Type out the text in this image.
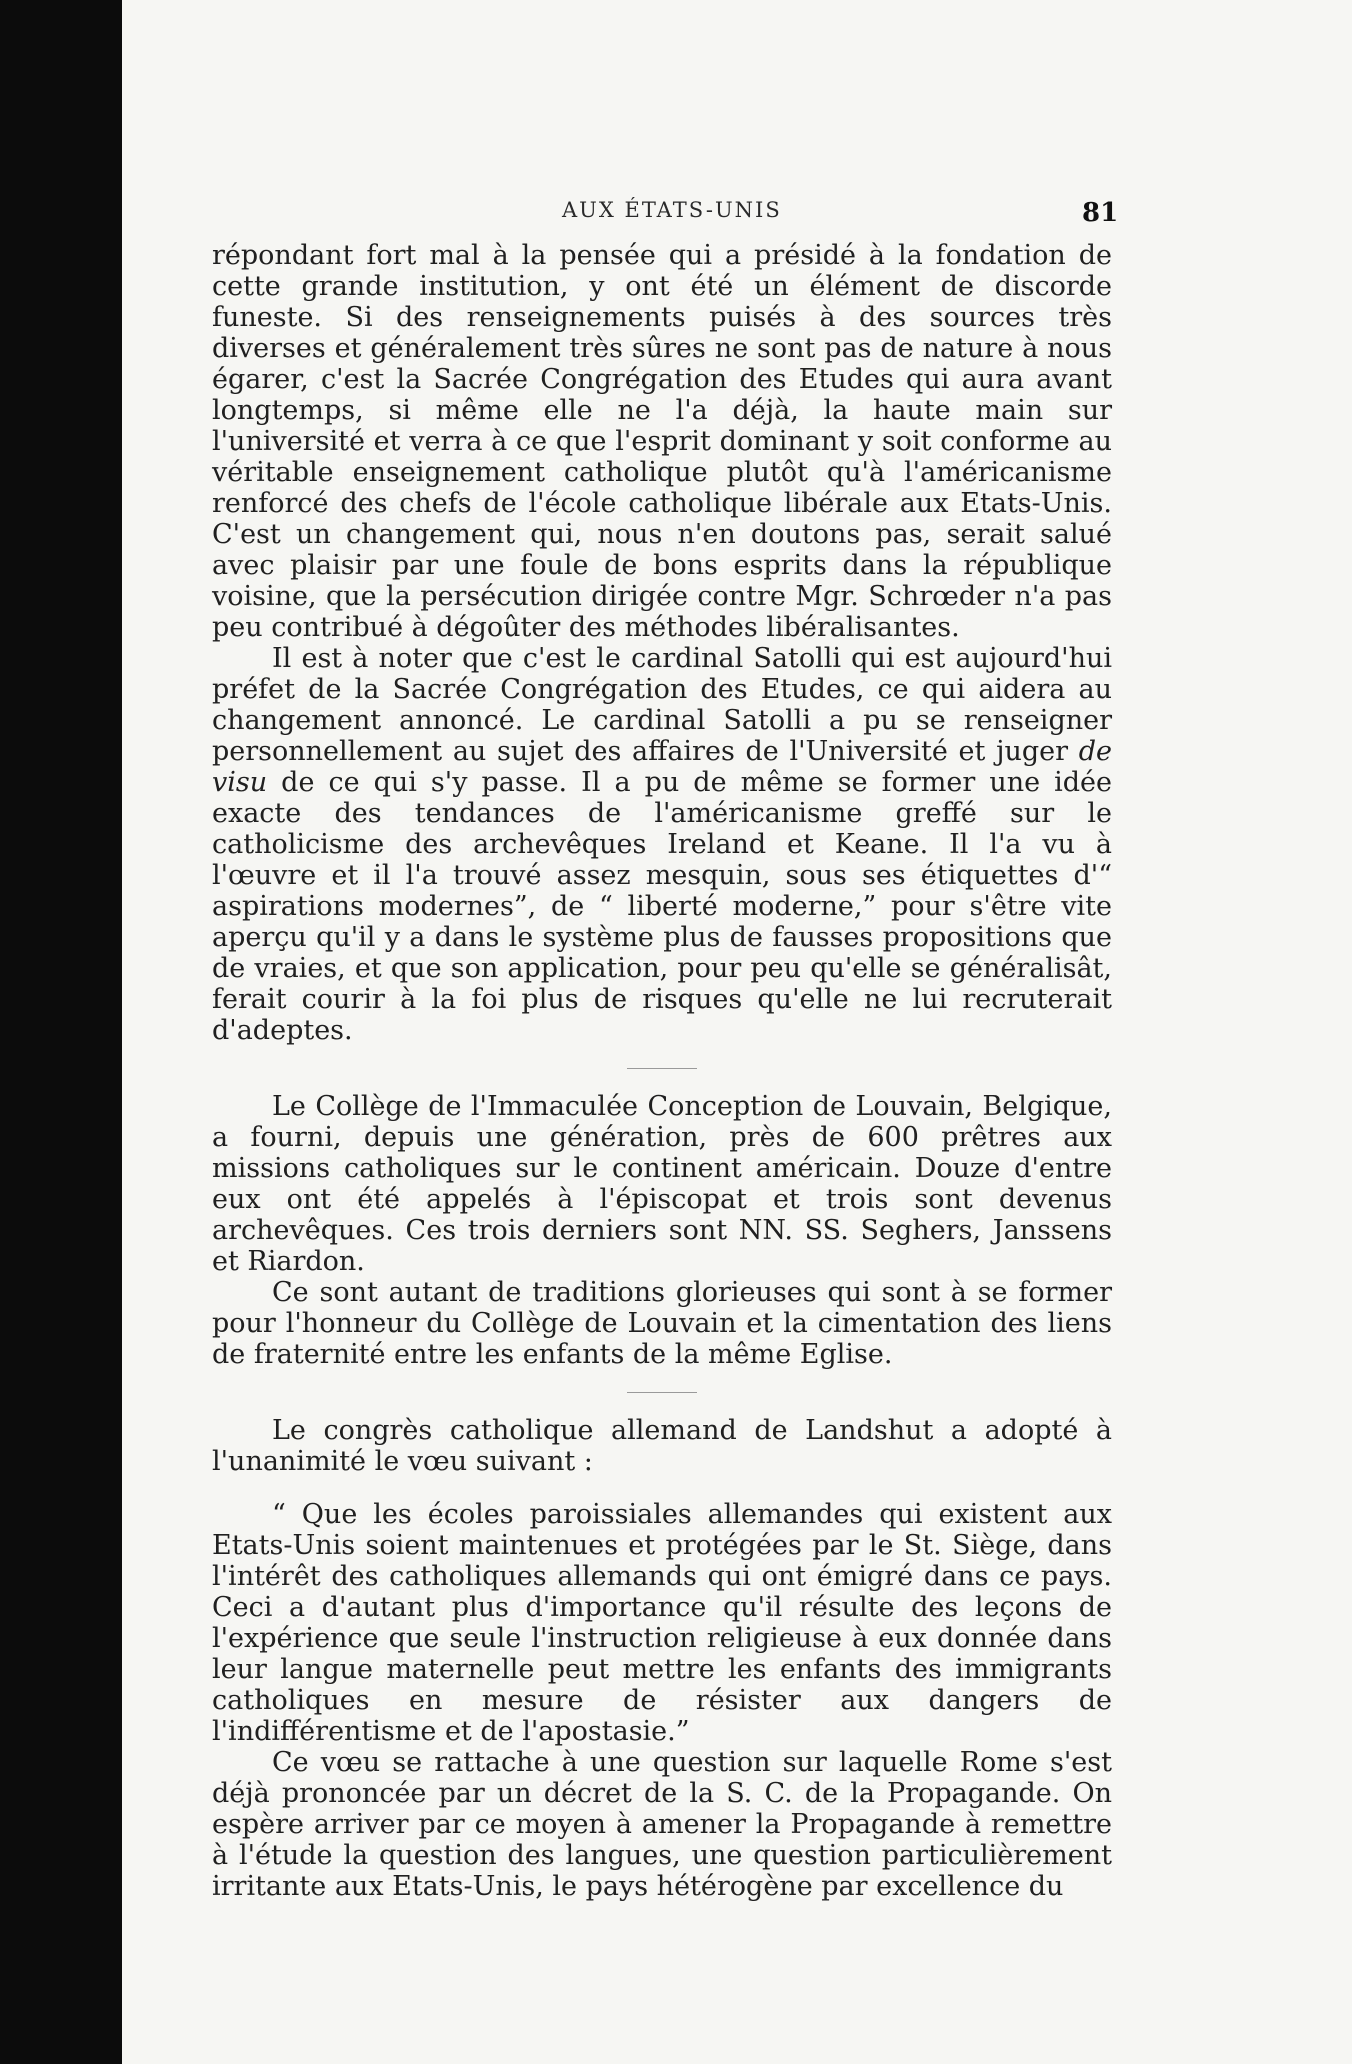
AUX ÉTATS-UNIS	81

répondant fort mal à la pensée qui a présidé à la fondation de cette grande institution, y ont été un élément de discorde funeste. Si des renseignements puisés à des sources très diverses et généralement très sûres ne sont pas de nature à nous égarer, c'est la Sacrée Congrégation des Etudes qui aura avant longtemps, si même elle ne l'a déjà, la haute main sur l'université et verra à ce que l'esprit dominant y soit conforme au véritable enseignement catholique plutôt qu'à l'américanisme renforcé des chefs de l'école catholique libérale aux Etats-Unis. C'est un changement qui, nous n'en doutons pas, serait salué avec plaisir par une foule de bons esprits dans la république voisine, que la persécution dirigée contre Mgr. Schrœder n'a pas peu contribué à dégoûter des méthodes libéralisantes.

Il est à noter que c'est le cardinal Satolli qui est aujourd'hui préfet de la Sacrée Congrégation des Etudes, ce qui aidera au changement annoncé. Le cardinal Satolli a pu se renseigner personnellement au sujet des affaires de l'Université et juger de visu de ce qui s'y passe. Il a pu de même se former une idée exacte des tendances de l'américanisme greffé sur le catholicisme des archevêques Ireland et Keane. Il l'a vu à l'œuvre et il l'a trouvé assez mesquin, sous ses étiquettes d'“ aspirations modernes”, de “ liberté moderne,” pour s'être vite aperçu qu'il y a dans le système plus de fausses propositions que de vraies, et que son application, pour peu qu'elle se généralisât, ferait courir à la foi plus de risques qu'elle ne lui recruterait d'adeptes.

Le Collège de l'Immaculée Conception de Louvain, Belgique, a fourni, depuis une génération, près de 600 prêtres aux missions catholiques sur le continent américain. Douze d'entre eux ont été appelés à l'épiscopat et trois sont devenus archevêques. Ces trois derniers sont NN. SS. Seghers, Janssens et Riardon.

Ce sont autant de traditions glorieuses qui sont à se former pour l'honneur du Collège de Louvain et la cimentation des liens de fraternité entre les enfants de la même Eglise.

Le congrès catholique allemand de Landshut a adopté à l'unanimité le vœu suivant :

“ Que les écoles paroissiales allemandes qui existent aux Etats-Unis soient maintenues et protégées par le St. Siège, dans l'intérêt des catholiques allemands qui ont émigré dans ce pays. Ceci a d'autant plus d'importance qu'il résulte des leçons de l'expérience que seule l'instruction religieuse à eux donnée dans leur langue maternelle peut mettre les enfants des immigrants catholiques en mesure de résister aux dangers de l'indifférentisme et de l'apostasie.”

Ce vœu se rattache à une question sur laquelle Rome s'est déjà prononcée par un décret de la S. C. de la Propagande. On espère arriver par ce moyen à amener la Propagande à remettre à l'étude la question des langues, une question particulièrement irritante aux Etats-Unis, le pays hétérogène par excellence du
